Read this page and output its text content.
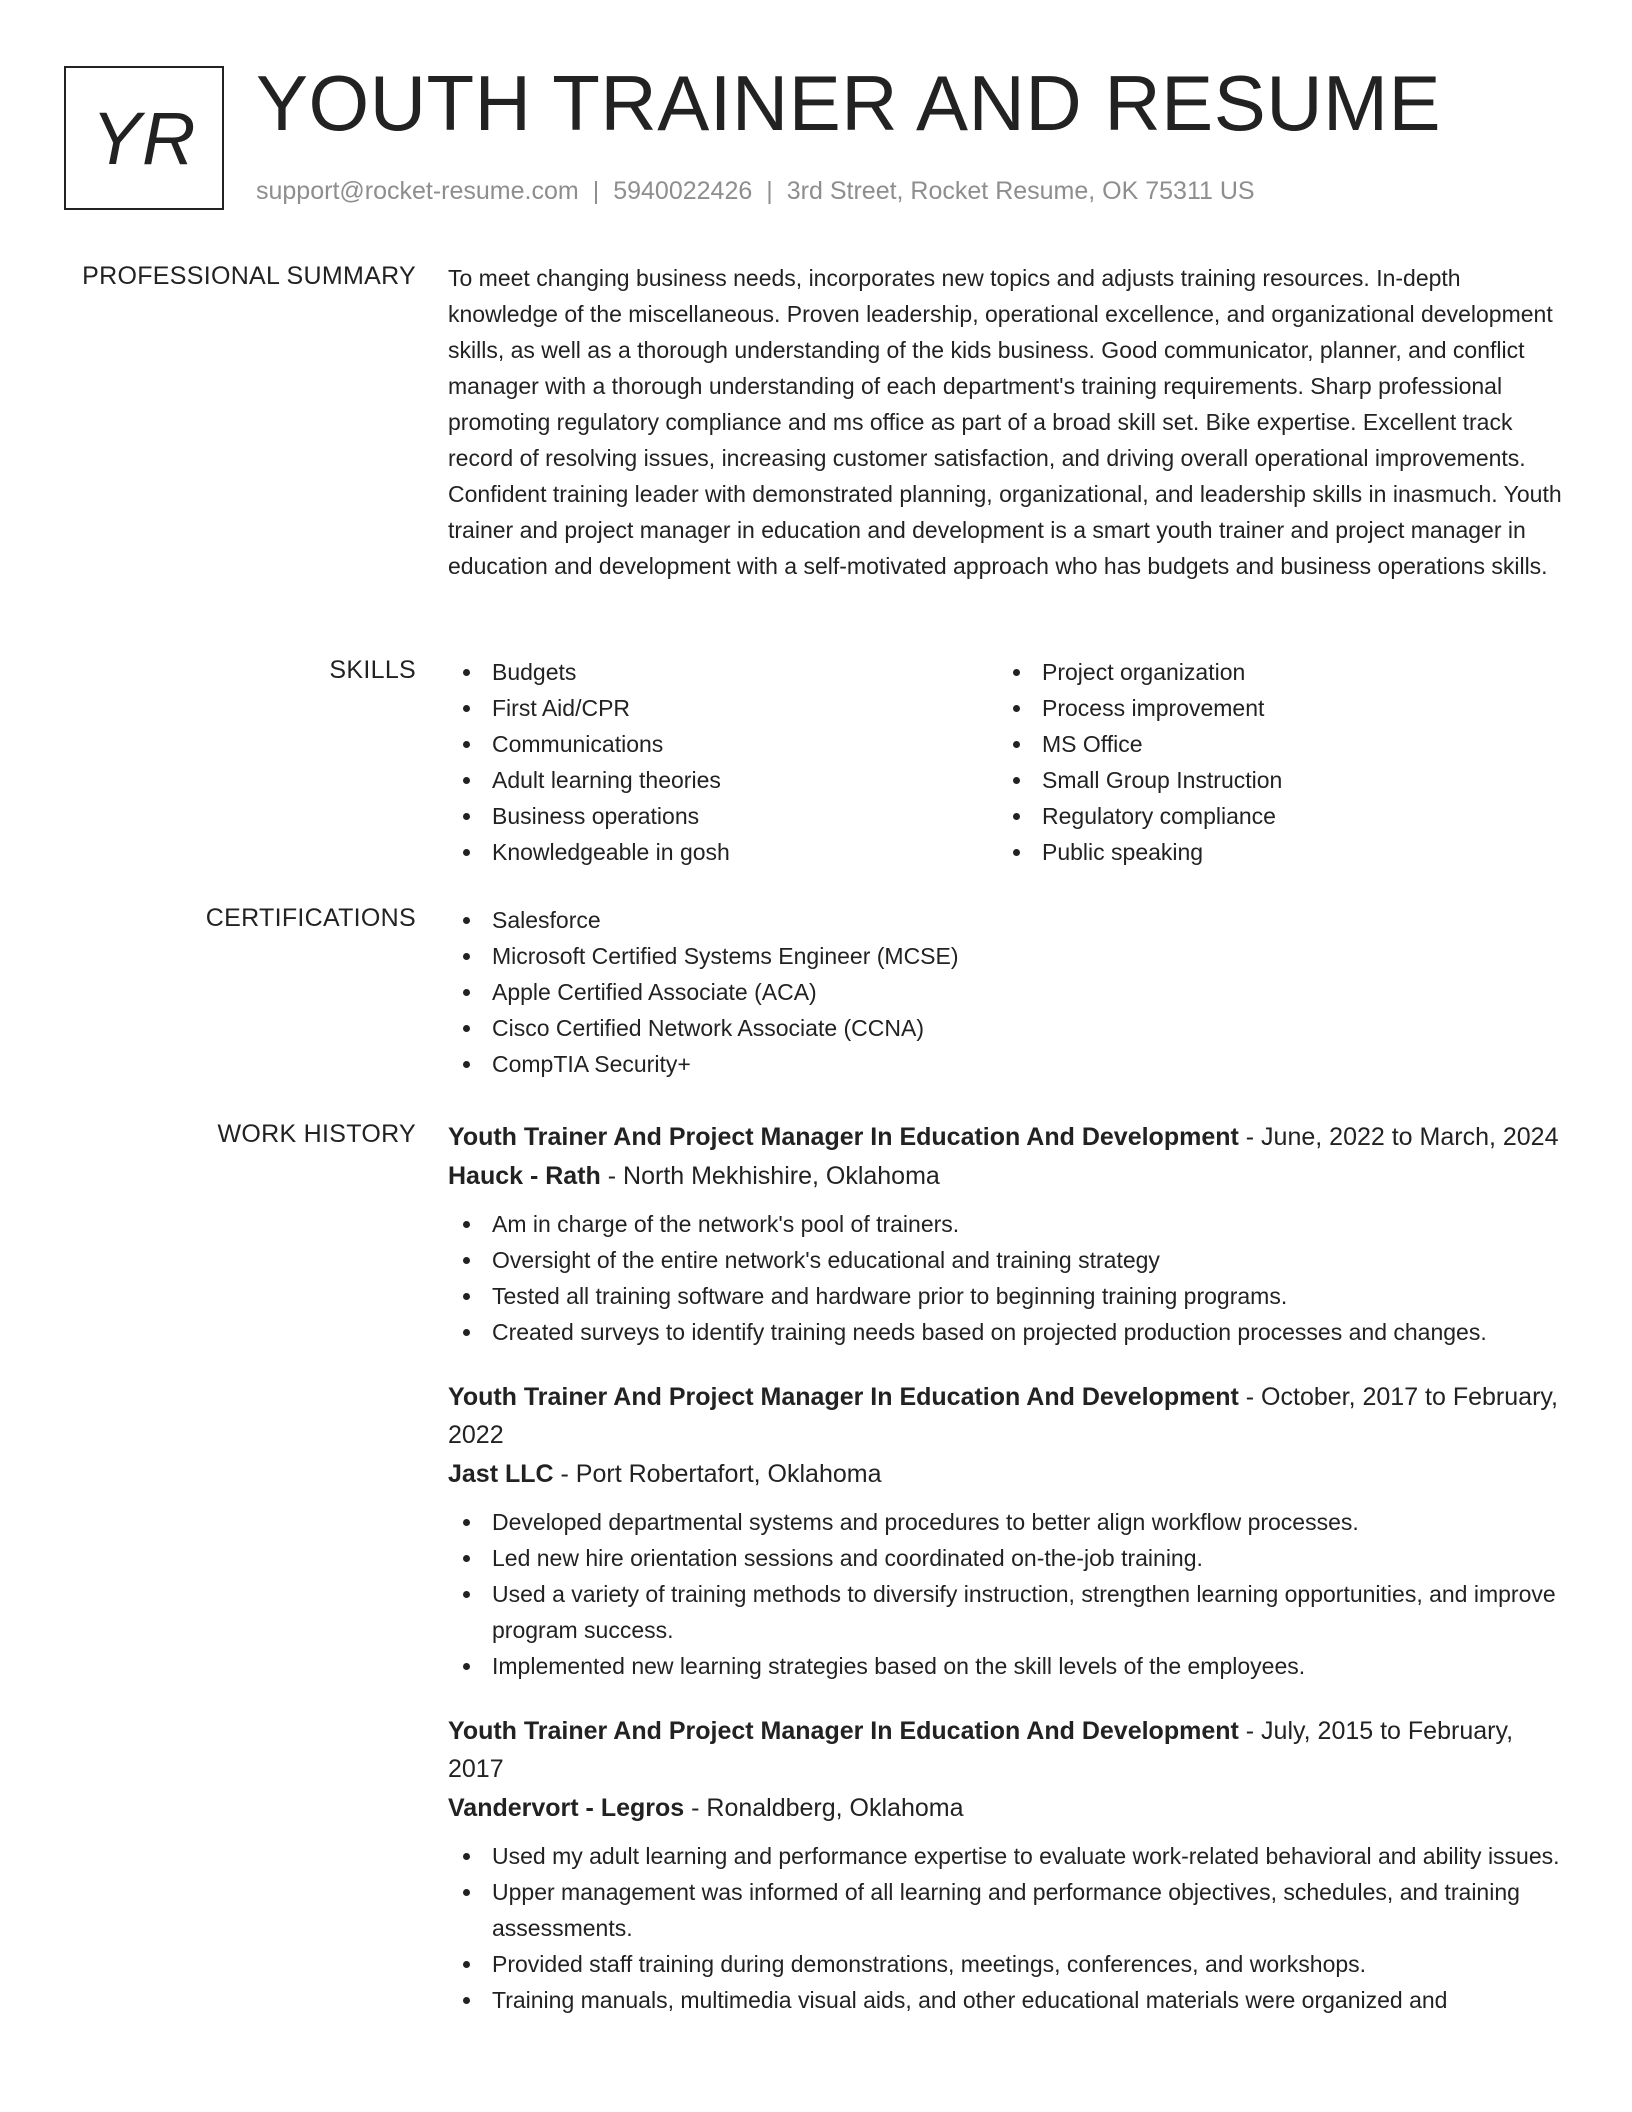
YR YOUTH TRAINER AND RESUME
support@rocket-resume.com | 5940022426 | 3rd Street, Rocket Resume, OK 75311 US
PROFESSIONAL SUMMARY To meet changing business needs, incorporates new topics and adjusts training resources. In-depth knowledge of the miscellaneous. Proven leadership, operational excellence, and organizational development skills, as well as a thorough understanding of the kids business. Good communicator, planner, and conflict manager with a thorough understanding of each department's training requirements. Sharp professional promoting regulatory compliance and ms office as part of a broad skill set. Bike expertise. Excellent track record of resolving issues, increasing customer satisfaction, and driving overall operational improvements. Confident training leader with demonstrated planning, organizational, and leadership skills in inasmuch. Youth trainer and project manager in education and development is a smart youth trainer and project manager in education and development with a self-motivated approach who has budgets and business operations skills.
SKILLS	Budgets
First Aid/CPR
Communications
Adult learning theories
Business operations
Knowledgeable in gosh
Project organization
Process improvement
MS Office
Small Group Instruction
Regulatory compliance
Public speaking
CERTIFICATIONS	Salesforce
Microsoft Certified Systems Engineer (MCSE)
Apple Certified Associate (ACA)
Cisco Certified Network Associate (CCNA)
CompTIA Security+
WORK HISTORY Youth Trainer And Project Manager In Education And Development - June, 2022 to March, 2024
Hauck - Rath - North Mekhishire, Oklahoma
Am in charge of the network's pool of trainers.
Oversight of the entire network's educational and training strategy
Tested all training software and hardware prior to beginning training programs.
Created surveys to identify training needs based on projected production processes and changes.
Youth Trainer And Project Manager In Education And Development - October, 2017 to February, 2022
Jast LLC - Port Robertafort, Oklahoma
Developed departmental systems and procedures to better align workflow processes.
Led new hire orientation sessions and coordinated on-the-job training.
Used a variety of training methods to diversify instruction, strengthen learning opportunities, and improve program success.
Implemented new learning strategies based on the skill levels of the employees.
Youth Trainer And Project Manager In Education And Development - July, 2015 to February, 2017
Vandervort - Legros - Ronaldberg, Oklahoma
Used my adult learning and performance expertise to evaluate work-related behavioral and ability issues.
Upper management was informed of all learning and performance objectives, schedules, and training assessments.
Provided staff training during demonstrations, meetings, conferences, and workshops.
Training manuals, multimedia visual aids, and other educational materials were organized and
